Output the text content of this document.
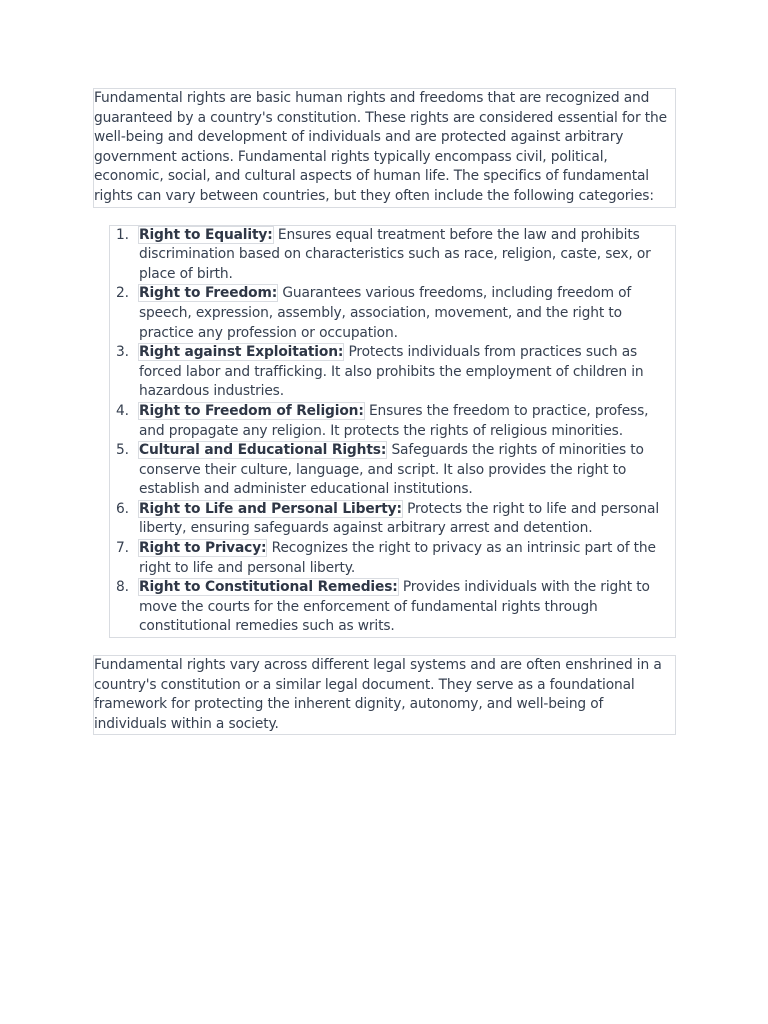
Fundamental rights are basic human rights and freedoms that are recognized and guaranteed by a country's constitution. These rights are considered essential for the well-being and development of individuals and are protected against arbitrary government actions. Fundamental rights typically encompass civil, political, economic, social, and cultural aspects of human life. The specifics of fundamental rights can vary between countries, but they often include the following categories:

1. Right to Equality: Ensures equal treatment before the law and prohibits discrimination based on characteristics such as race, religion, caste, sex, or place of birth.
2. Right to Freedom: Guarantees various freedoms, including freedom of speech, expression, assembly, association, movement, and the right to practice any profession or occupation.
3. Right against Exploitation: Protects individuals from practices such as forced labor and trafficking. It also prohibits the employment of children in hazardous industries.
4. Right to Freedom of Religion: Ensures the freedom to practice, profess, and propagate any religion. It protects the rights of religious minorities.
5. Cultural and Educational Rights: Safeguards the rights of minorities to conserve their culture, language, and script. It also provides the right to establish and administer educational institutions.
6. Right to Life and Personal Liberty: Protects the right to life and personal liberty, ensuring safeguards against arbitrary arrest and detention.
7. Right to Privacy: Recognizes the right to privacy as an intrinsic part of the right to life and personal liberty.
8. Right to Constitutional Remedies: Provides individuals with the right to move the courts for the enforcement of fundamental rights through constitutional remedies such as writs.

Fundamental rights vary across different legal systems and are often enshrined in a country's constitution or a similar legal document. They serve as a foundational framework for protecting the inherent dignity, autonomy, and well-being of individuals within a society.
